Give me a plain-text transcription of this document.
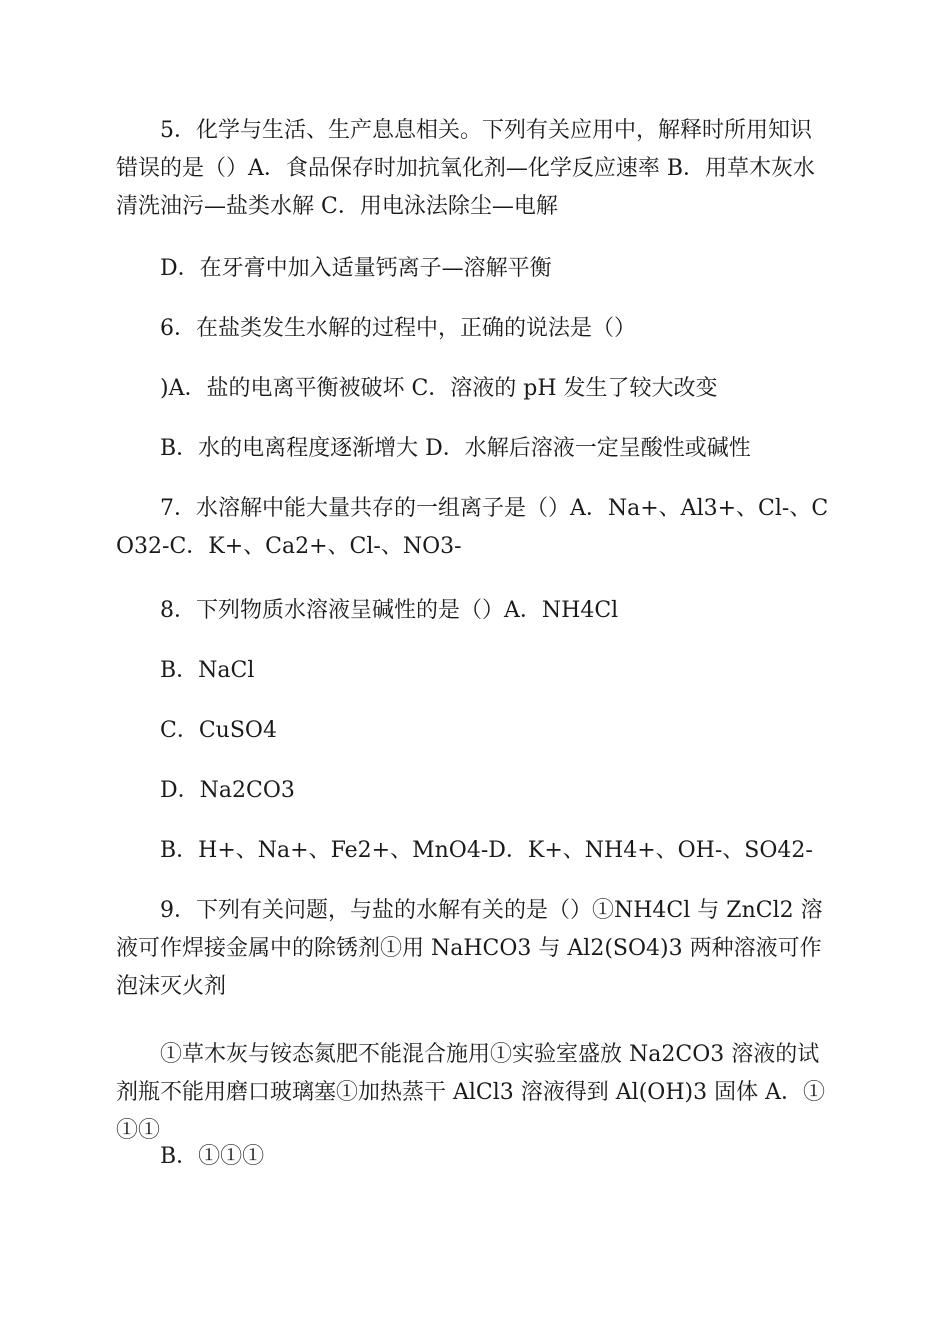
5．化学与生活、生产息息相关。下列有关应用中，解释时所用知识错误的是（）A．食品保存时加抗氧化剂—化学反应速率 B．用草木灰水清洗油污—盐类水解 C．用电泳法除尘—电解
D．在牙膏中加入适量钙离子—溶解平衡
6．在盐类发生水解的过程中，正确的说法是（）
)A．盐的电离平衡被破坏 C．溶液的 pH 发生了较大改变
B．水的电离程度逐渐增大 D．水解后溶液一定呈酸性或碱性
7．水溶解中能大量共存的一组离子是（）A．Na+、Al3+、Cl-、CO32-C．K+、Ca2+、Cl-、NO3-
8．下列物质水溶液呈碱性的是（）A．NH4Cl
B．NaCl
C．CuSO4
D．Na2CO3
B．H+、Na+、Fe2+、MnO4-D．K+、NH4+、OH-、SO42-
9．下列有关问题，与盐的水解有关的是（）①NH4Cl 与 ZnCl2 溶液可作焊接金属中的除锈剂①用 NaHCO3 与 Al2(SO4)3 两种溶液可作泡沫灭火剂
①草木灰与铵态氮肥不能混合施用①实验室盛放 Na2CO3 溶液的试剂瓶不能用磨口玻璃塞①加热蒸干 AlCl3 溶液得到 Al(OH)3 固体 A．①①①
B．①①①
